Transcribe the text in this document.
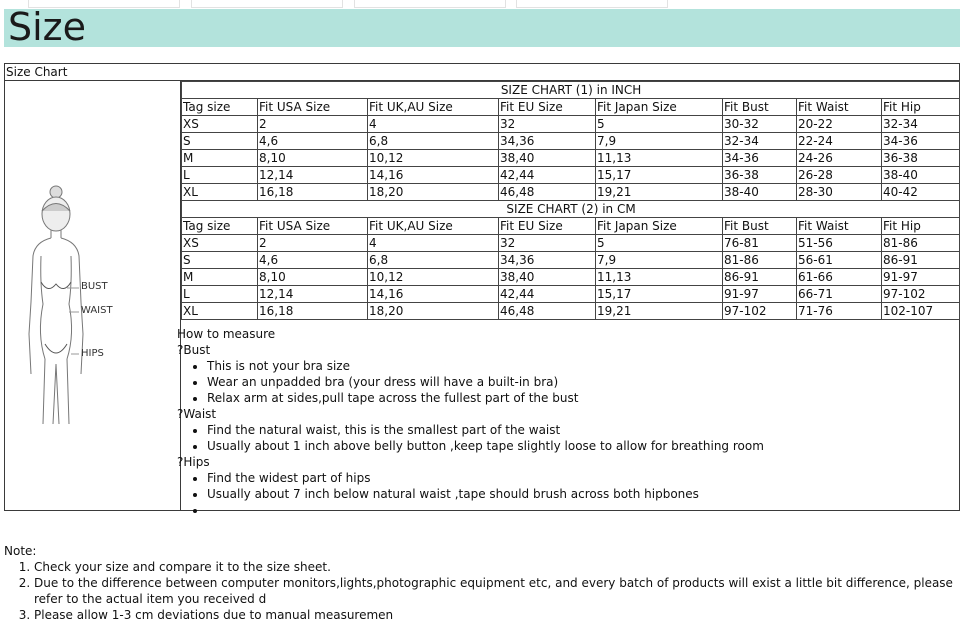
Size
Size Chart
BUST
WAIST
HIPS
SIZE CHART (1) in INCH							
Tag size	Fit USA Size	Fit UK,AU Size	Fit EU Size	Fit Japan Size	Fit Bust	Fit Waist	Fit Hip
XS	2	4	32	5	30-32	20-22	32-34
S	4,6	6,8	34,36	7,9	32-34	22-24	34-36
M	8,10	10,12	38,40	11,13	34-36	24-26	36-38
L	12,14	14,16	42,44	15,17	36-38	26-28	38-40
XL	16,18	18,20	46,48	19,21	38-40	28-30	40-42
SIZE CHART (2) in CM							
Tag size	Fit USA Size	Fit UK,AU Size	Fit EU Size	Fit Japan Size	Fit Bust	Fit Waist	Fit Hip
XS	2	4	32	5	76-81	51-56	81-86
S	4,6	6,8	34,36	7,9	81-86	56-61	86-91
M	8,10	10,12	38,40	11,13	86-91	61-66	91-97
L	12,14	14,16	42,44	15,17	91-97	66-71	97-102
XL	16,18	18,20	46,48	19,21	97-102	71-76	102-107

How to measure

?Bust

• This is not your bra size
• Wear an unpadded bra (your dress will have a built-in bra)
• Relax arm at sides,pull tape across the fullest part of the bust

?Waist

• Find the natural waist, this is the smallest part of the waist
• Usually about 1 inch above belly button ,keep tape slightly loose to allow for breathing room

?Hips

• Find the widest part of hips
• Usually about 7 inch below natural waist ,tape should brush across both hipbones
•

Note:

1. Check your size and compare it to the size sheet.
2. Due to the difference between computer monitors,lights,photographic equipment etc, and every batch of products will exist a little bit difference, please refer to the actual item you received d
3. Please allow 1-3 cm deviations due to manual measuremen
